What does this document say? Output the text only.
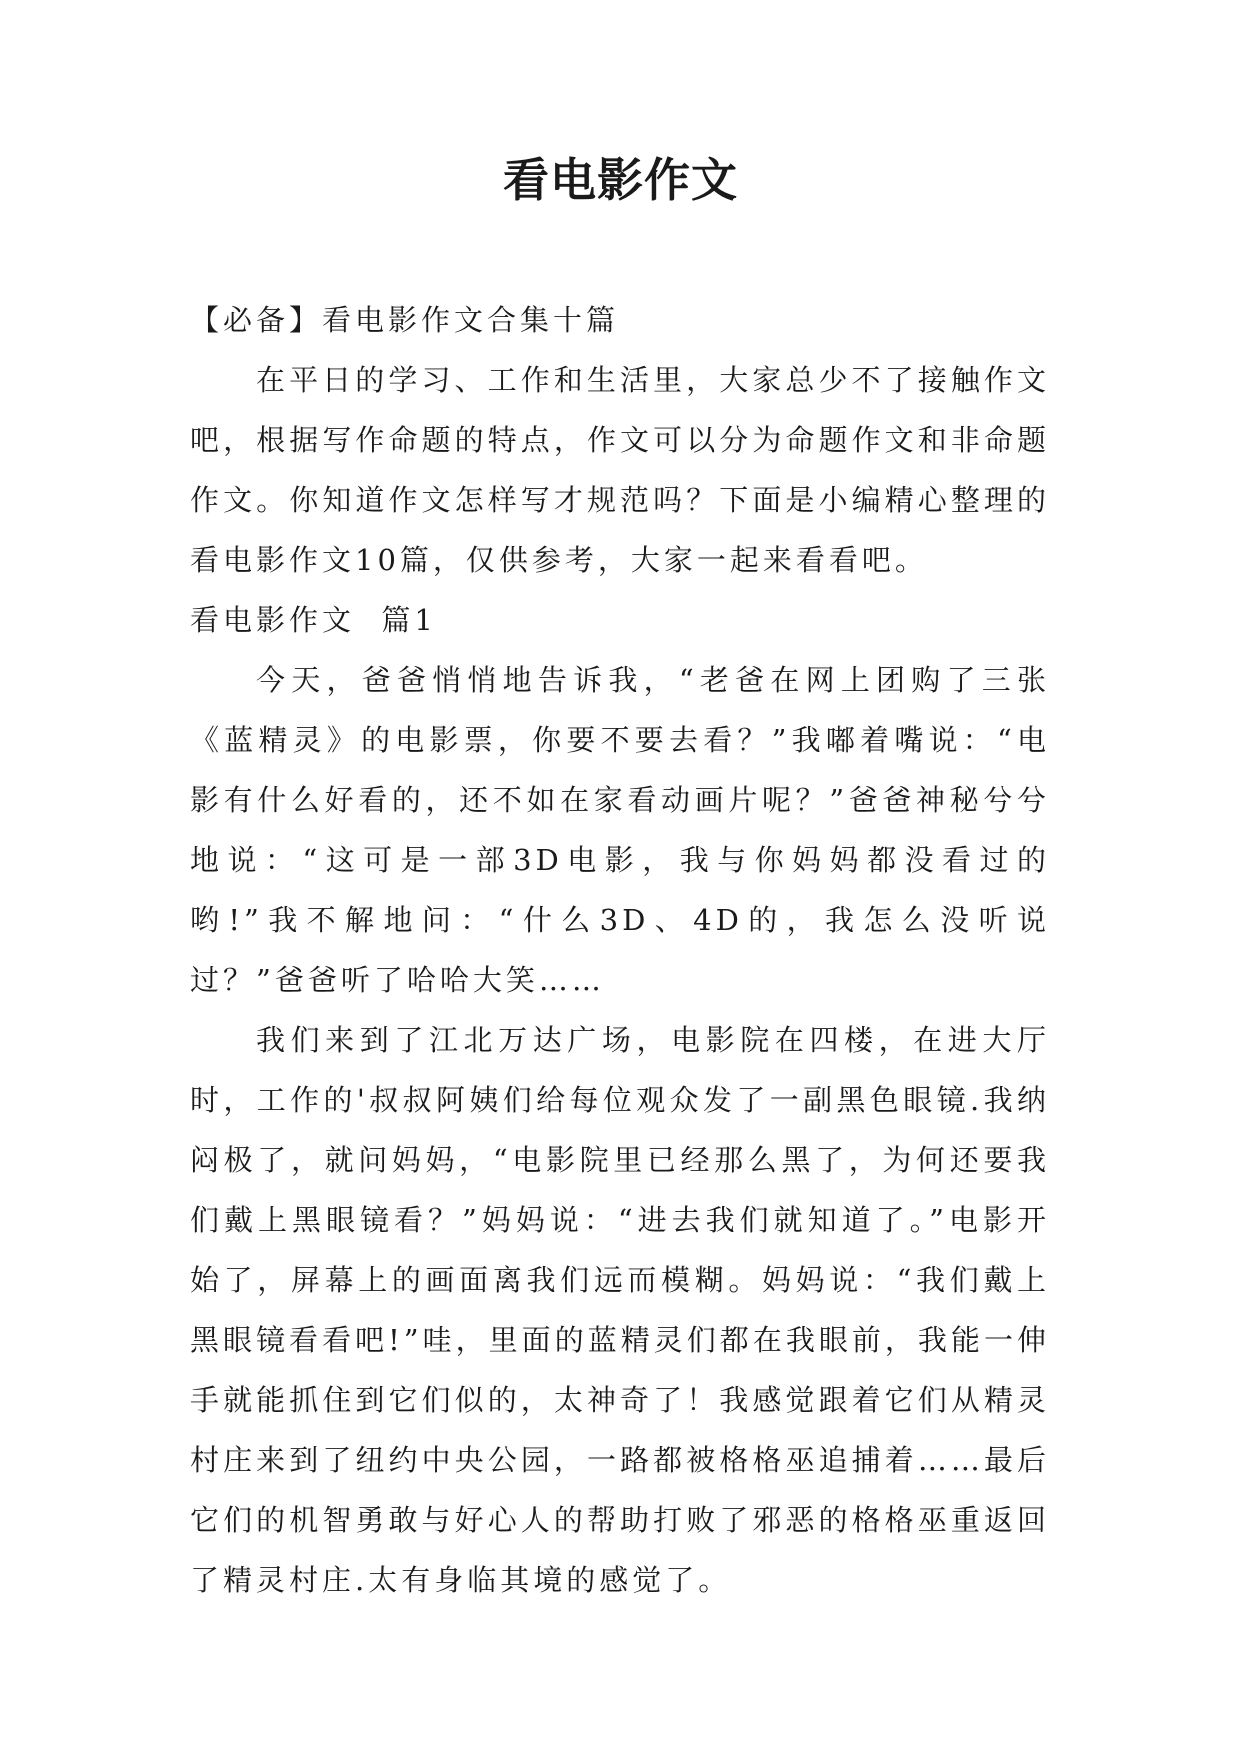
看电影作文

【必备】看电影作文合集十篇

在平日的学习、工作和生活里，大家总少不了接触作文吧，根据写作命题的特点，作文可以分为命题作文和非命题作文。你知道作文怎样写才规范吗？下面是小编精心整理的看电影作文10篇，仅供参考，大家一起来看看吧。

看电影作文  篇1

今天，爸爸悄悄地告诉我，“老爸在网上团购了三张《蓝精灵》的电影票，你要不要去看？”我嘟着嘴说：“电影有什么好看的，还不如在家看动画片呢？”爸爸神秘兮兮地说：“这可是一部3D电影，我与你妈妈都没看过的哟!”我不解地问：“什么3D、4D的，我怎么没听说过？”爸爸听了哈哈大笑……

我们来到了江北万达广场，电影院在四楼，在进大厅时，工作的'叔叔阿姨们给每位观众发了一副黑色眼镜.我纳闷极了，就问妈妈，“电影院里已经那么黑了，为何还要我们戴上黑眼镜看？”妈妈说：“进去我们就知道了。”电影开始了，屏幕上的画面离我们远而模糊。妈妈说：“我们戴上黑眼镜看看吧!”哇，里面的蓝精灵们都在我眼前，我能一伸手就能抓住到它们似的，太神奇了！我感觉跟着它们从精灵村庄来到了纽约中央公园，一路都被格格巫追捕着……最后它们的机智勇敢与好心人的帮助打败了邪恶的格格巫重返回了精灵村庄.太有身临其境的感觉了。
